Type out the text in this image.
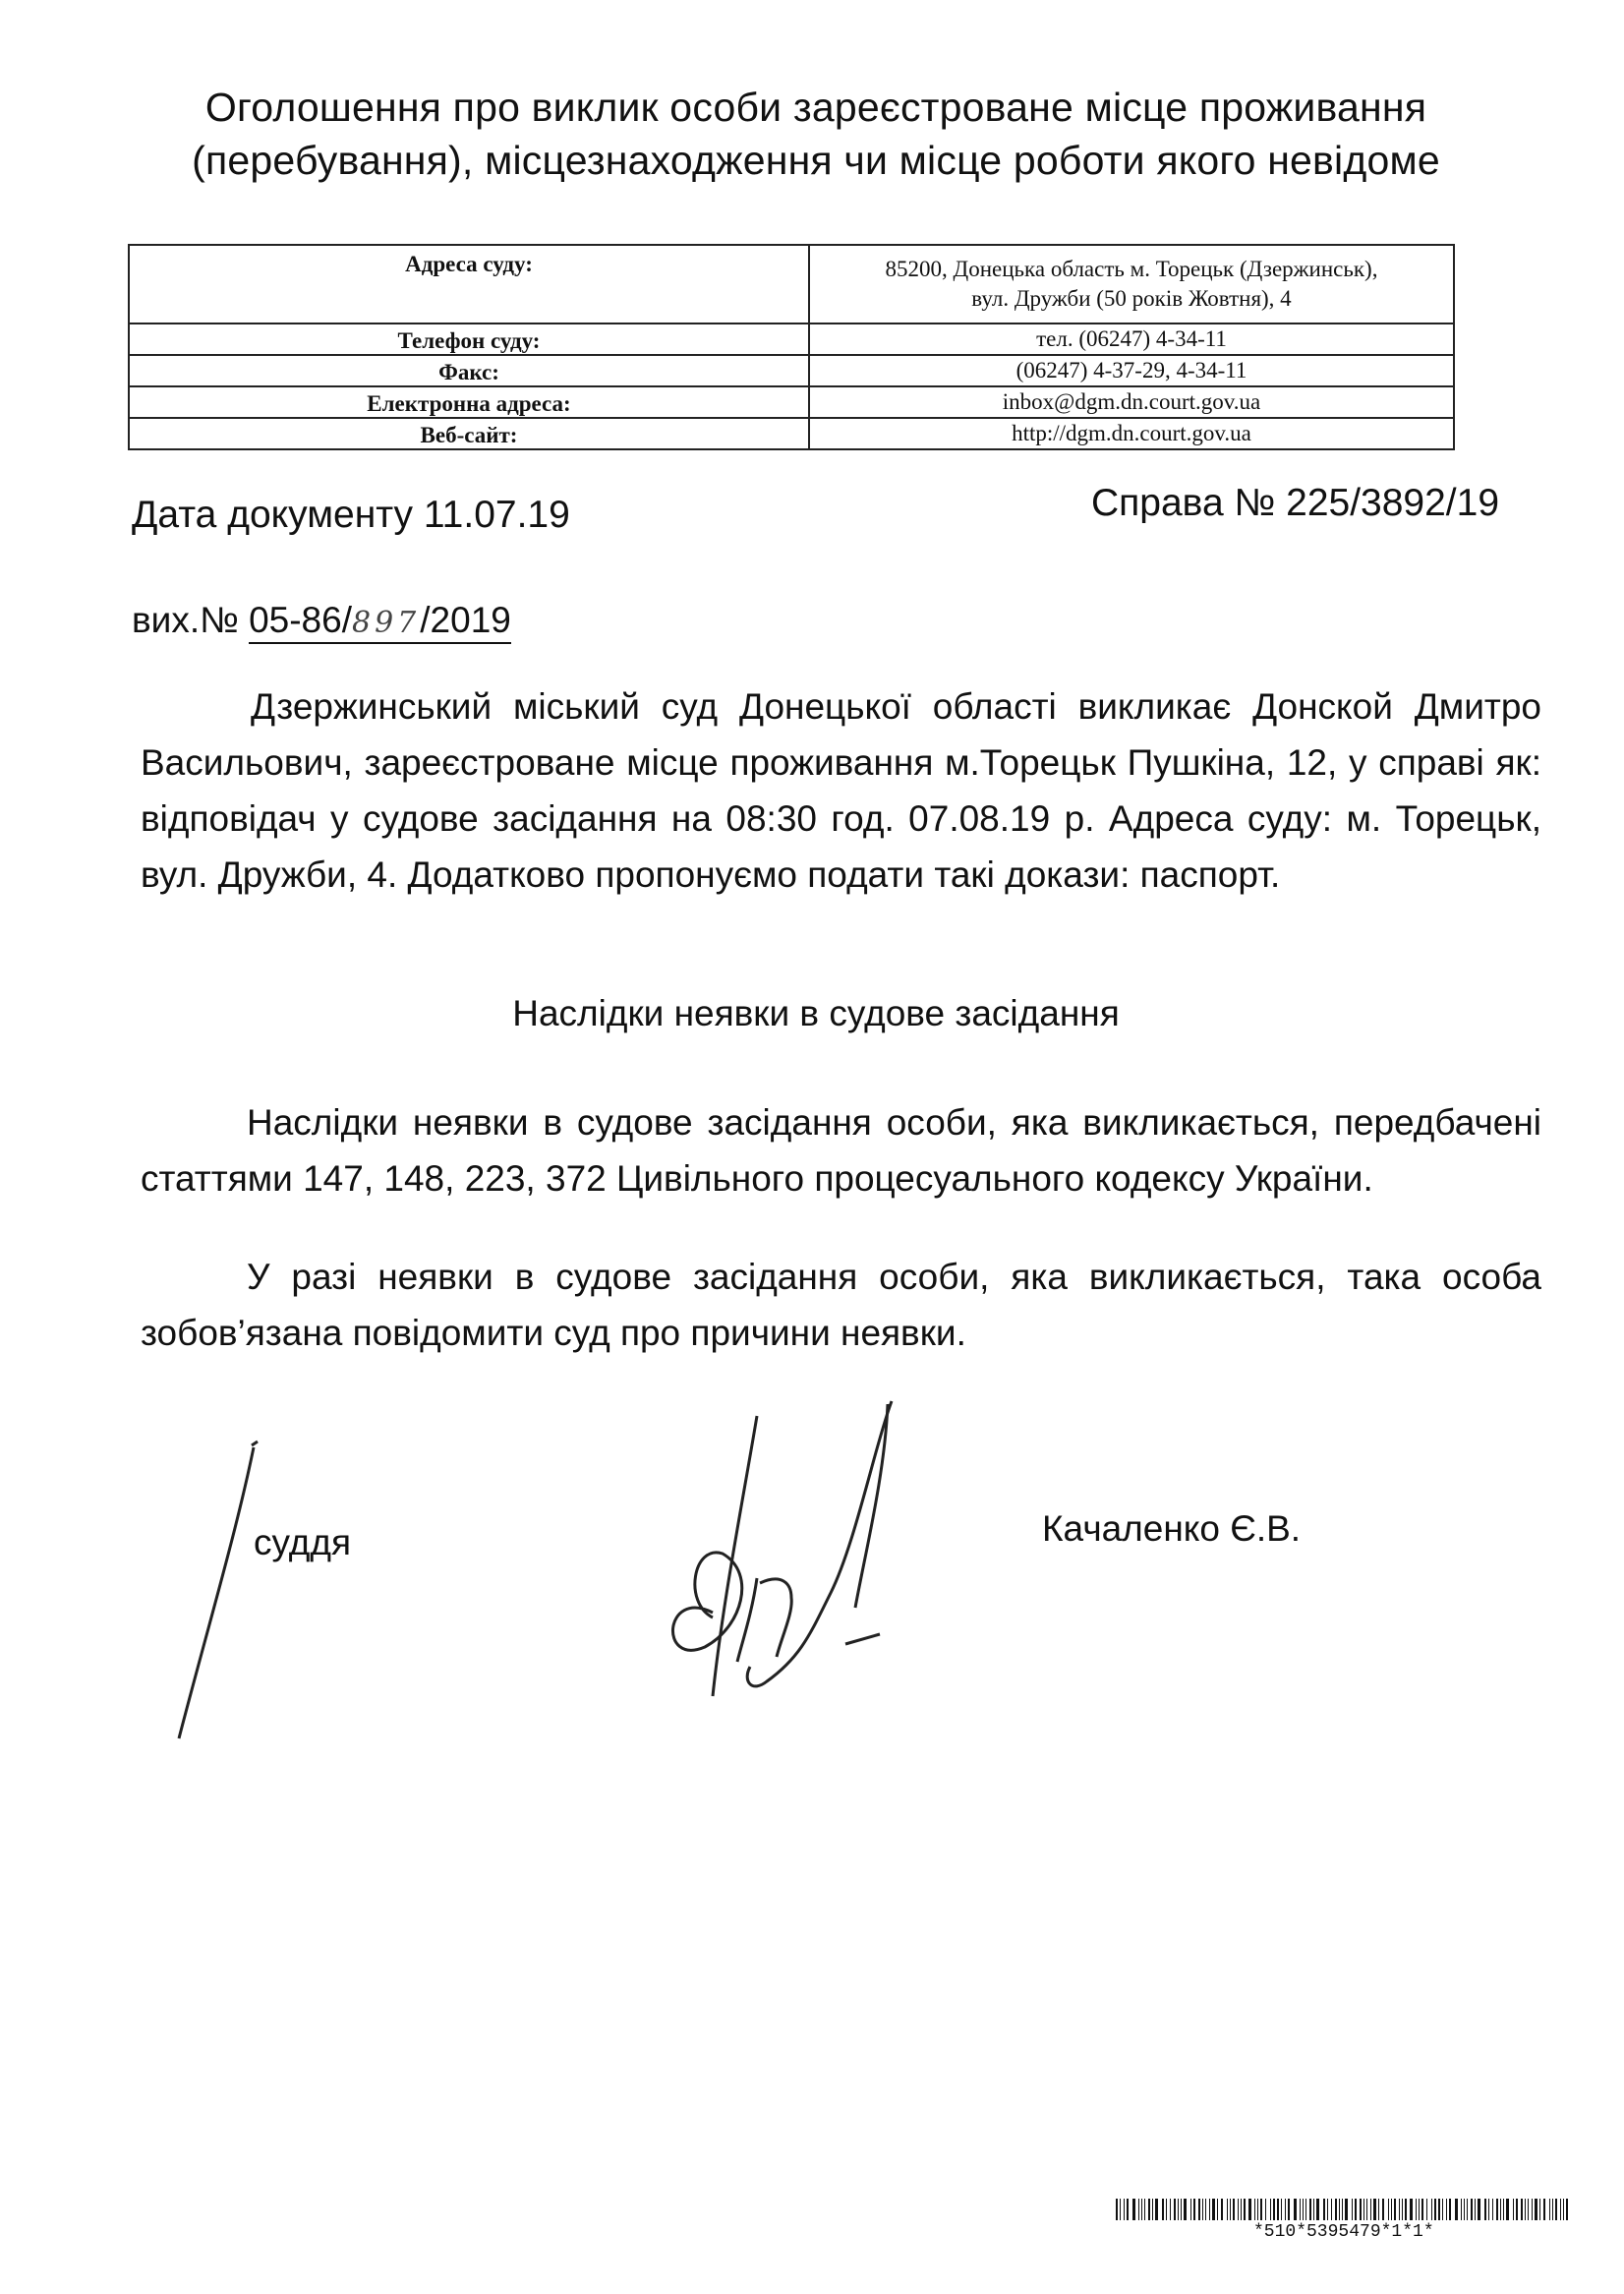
Оголошення про виклик особи зареєстроване місце проживання
(перебування), місцезнаходження чи місце роботи якого невідоме
Адреса суду:	85200, Донецька область м. Торецьк (Дзержинськ),
вул. Дружби (50 років Жовтня), 4

Телефон суду:	тел. (06247) 4-34-11
Факс:	(06247) 4-37-29, 4-34-11
Електронна адреса:	inbox@dgm.dn.court.gov.ua
Веб-сайт:	http://dgm.dn.court.gov.ua
Дата документу 11.07.19	Справа № 225/3892/19
вих.№ 05-86/897/2019
Дзержинський міський суд Донецької області викликає Донской Дмитро Васильович, зареєстроване місце проживання м.Торецьк Пушкіна, 12, у справі як: відповідач у судове засідання на 08:30 год. 07.08.19 р. Адреса суду: м. Торецьк, вул. Дружби, 4. Додатково пропонуємо подати такі докази: паспорт.
Наслідки неявки в судове засідання
Наслідки неявки в судове засідання особи, яка викликається, передбачені статтями 147, 148, 223, 372 Цивільного процесуального кодексу України.
У разі неявки в судове засідання особи, яка викликається, така особа зобов’язана повідомити суд про причини неявки.
суддя	Качаленко Є.В.
*510*5395479*1*1*
